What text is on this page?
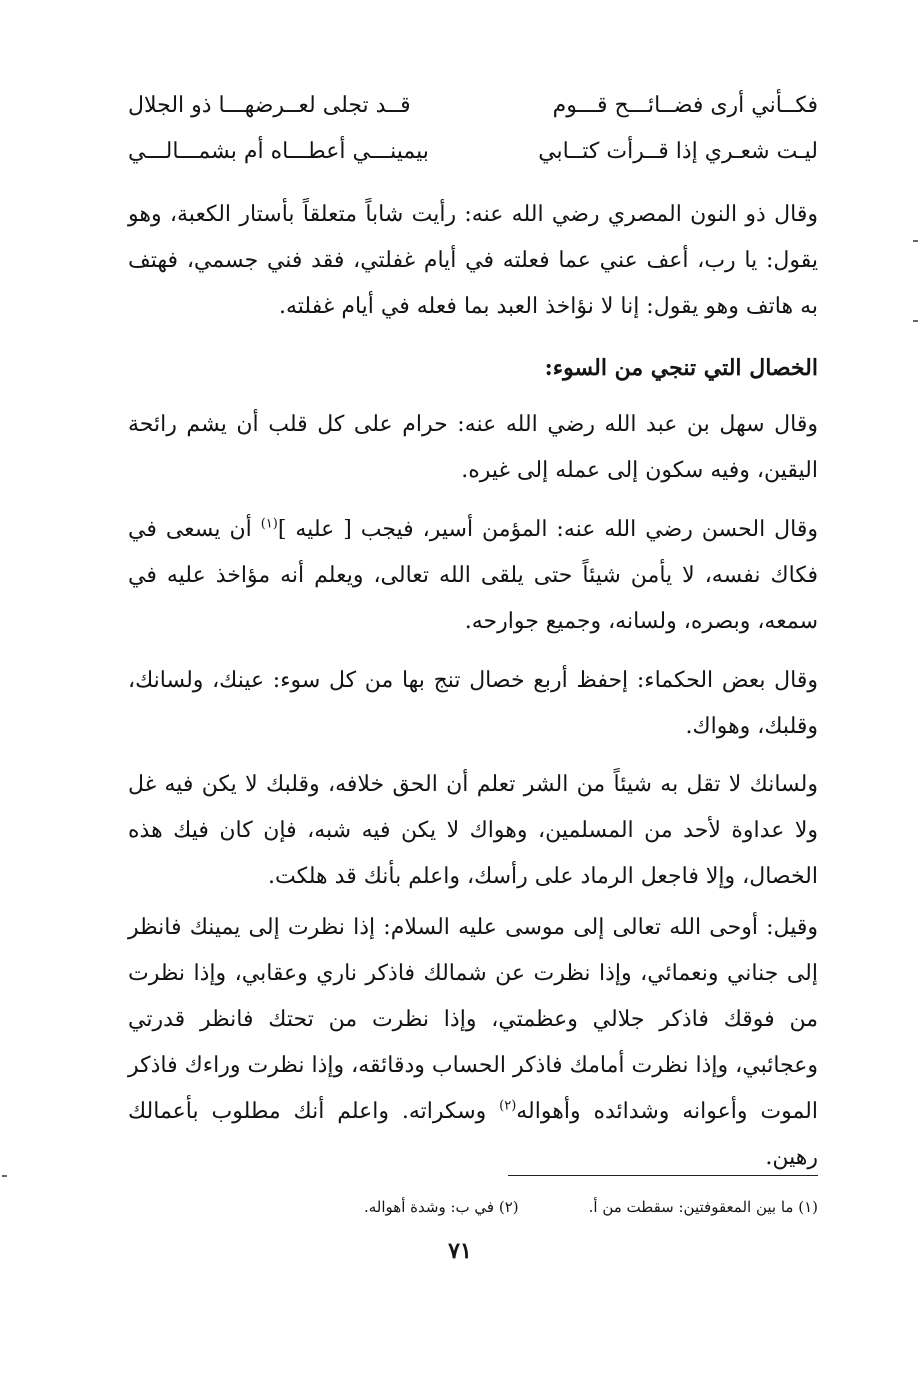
فكــأني أرى فضــائـــح قـــوم
قــد تجلى لعــرضهـــا ذو الجلال
ليـت شعـري إذا قــرأت كتــابي
بيمينـــي أعطـــاه أم بشمـــالـــي

وقال ذو النون المصري رضي الله عنه: رأيت شاباً متعلقاً بأستار الكعبة، وهو يقول: يا رب، أعف عني عما فعلته في أيام غفلتي، فقد فني جسمي، فهتف به هاتف وهو يقول: إنا لا نؤاخذ العبد بما فعله في أيام غفلته.

الخصال التي تنجي من السوء:

وقال سهل بن عبد الله رضي الله عنه: حرام على كل قلب أن يشم رائحة اليقين، وفيه سكون إلى عمله إلى غيره.

وقال الحسن رضي الله عنه: المؤمن أسير، فيجب [ عليه ]$^{(١)}$ أن يسعى في فكاك نفسه، لا يأمن شيئاً حتى يلقى الله تعالى، ويعلم أنه مؤاخذ عليه في سمعه، وبصره، ولسانه، وجميع جوارحه.

وقال بعض الحكماء: إحفظ أربع خصال تنج بها من كل سوء: عينك، ولسانك، وقلبك، وهواك.

ولسانك لا تقل به شيئاً من الشر تعلم أن الحق خلافه، وقلبك لا يكن فيه غل ولا عداوة لأحد من المسلمين، وهواك لا يكن فيه شبه، فإن كان فيك هذه الخصال، وإلا فاجعل الرماد على رأسك، واعلم بأنك قد هلكت.

وقيل: أوحى الله تعالى إلى موسى عليه السلام: إذا نظرت إلى يمينك فانظر إلى جناني ونعمائي، وإذا نظرت عن شمالك فاذكر ناري وعقابي، وإذا نظرت من فوقك فاذكر جلالي وعظمتي، وإذا نظرت من تحتك فانظر قدرتي وعجائبي، وإذا نظرت أمامك فاذكر الحساب ودقائقه، وإذا نظرت وراءك فاذكر الموت وأعوانه وشدائده وأهواله$^{(٢)}$ وسكراته. واعلم أنك مطلوب بأعمالك رهين.

(١) ما بين المعقوفتين: سقطت من أ.
(٢) في ب: وشدة أهواله.
٧١
